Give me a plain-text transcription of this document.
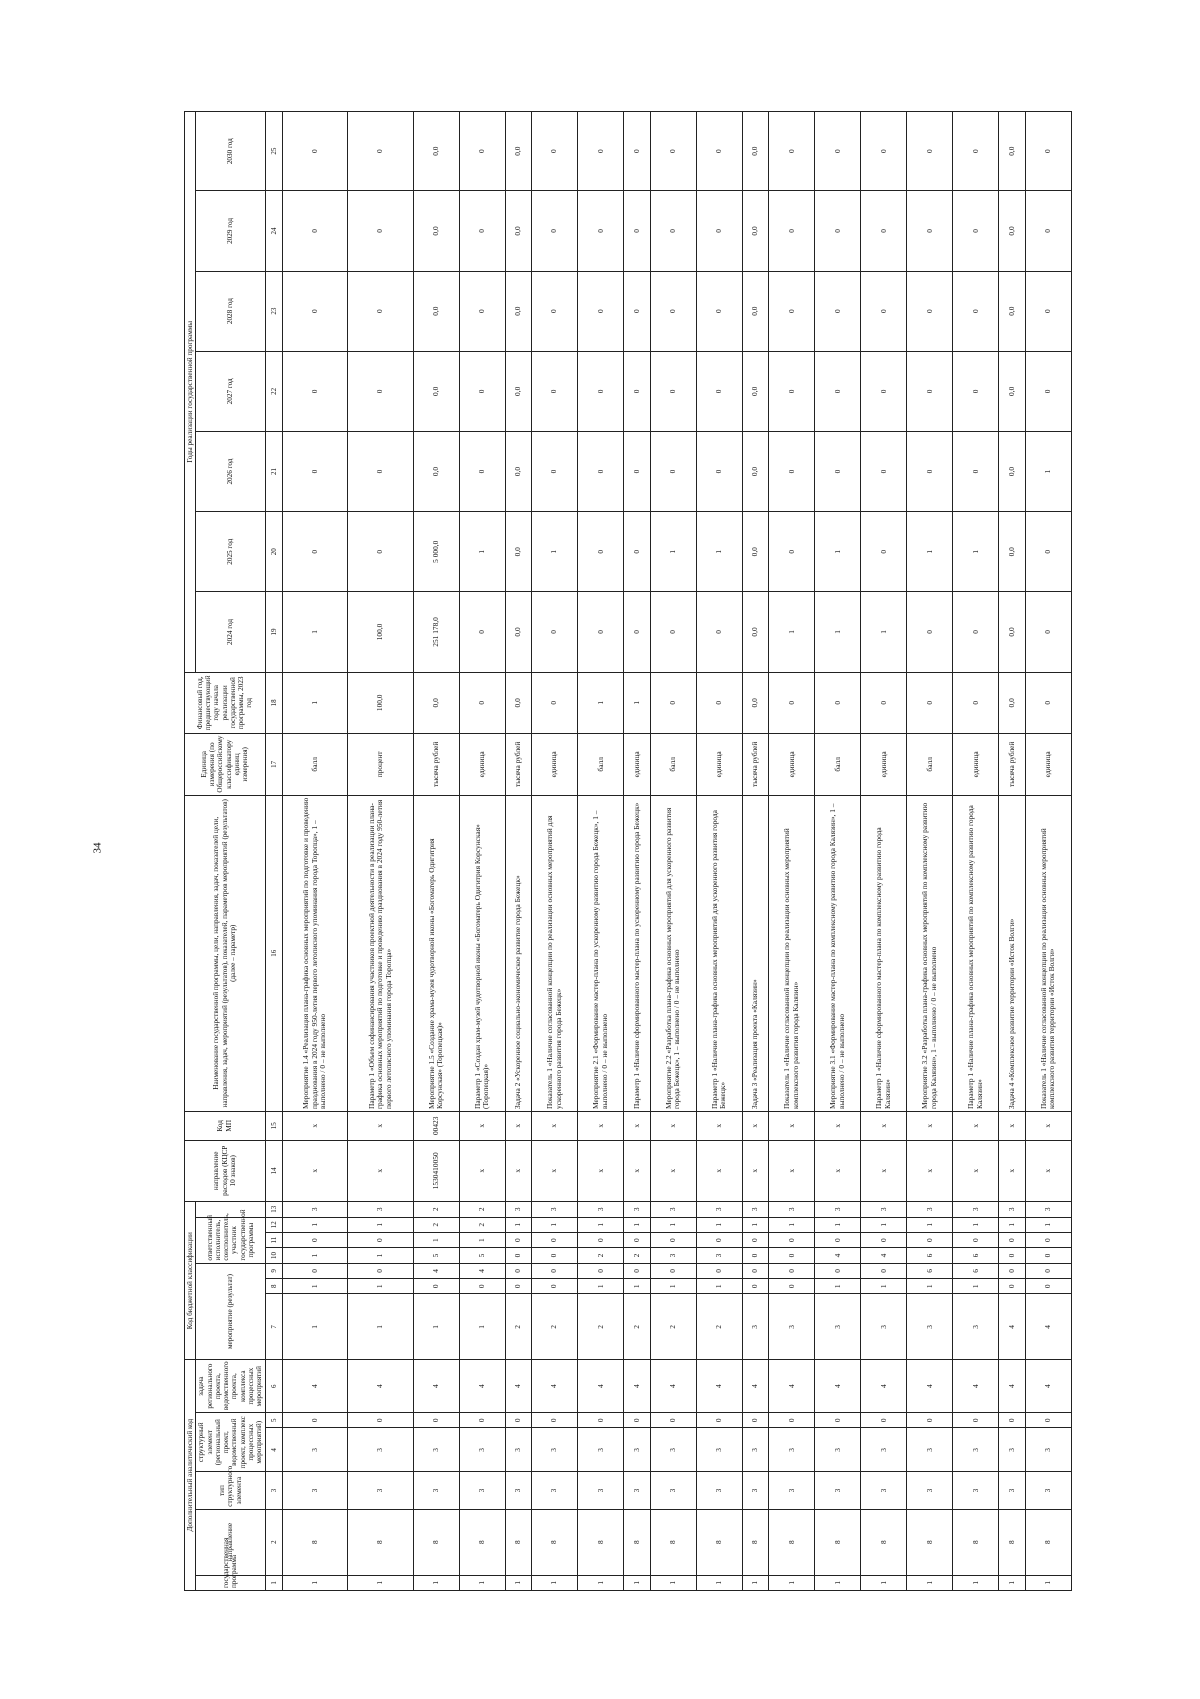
34
Дополнительный аналитический код						Код бюджетной классификации							направление расходов (КЦСР 10 знаков)	Код МП	Наименование государственной программы, цели, направления, задач, показателей цели, направления, задач, мероприятий (результатов), показателей, параметров мероприятий (результатов) (далее – параметр)	Единица измерения (по Общероссийскому классификатору единиц измерения)	Финансовый год, предшествующий году начала реализации государственной программы, 2023 год	Годы реализации государственной программы						
государственная программа	направление	тип структурного элемента	структурный элемент (региональный проект, ведомственный проект, комплекс процессных мероприятий)		задача регионального проекта, ведомственного проекта, комплекса процессных мероприятий	мероприятие (результат)			ответственный исполнитель, соисполнитель, участник государственной программы									2024 год	2025 год	2026 год	2027 год	2028 год	2029 год	2030 год
1	2	3	4	5	6	7	8	9	10	11	12	13	14	15	16	17	18	19	20	21	22	23	24	25
1	8	3	3	0	4	1	1	0	1	0	1	3	x	x	Мероприятие 1.4 «Реализация плана-графика основных мероприятий по подготовке и проведению празднования в 2024 году 950-летия первого летописного упоминания города Торопца», 1 – выполнено / 0 – не выполнено	балл	1	1	0	0	0	0	0	0
1	8	3	3	0	4	1	1	0	1	0	1	3	x	x	Параметр 1 «Объем софинансирования участников проектной деятельности в реализации плана-графика основных мероприятий по подготовке и проведению празднования в 2024 году 950-летия первого летописного упоминания города Торопца»	процент	100,0	100,0	0	0	0	0	0	0
1	8	3	3	0	4	1	0	4	5	1	2	2	1530410050	00423	Мероприятие 1.5 «Создание храма-музея чудотворной иконы «Богоматерь Одигитрия Корсунская» (Торопецкая)»	тысяча рублей	0,0	251 178,0	5 000,0	0,0	0,0	0,0	0,0	0,0
1	8	3	3	0	4	1	0	4	5	1	2	2	x	x	Параметр 1 «Создан храм-музей чудотворной иконы «Богоматерь Одигитрия Корсунская» (Торопецкая)»	единица	0	0	1	0	0	0	0	0
1	8	3	3	0	4	2	0	0	0	0	1	3	x	x	Задача 2 «Ускоренное социально-экономическое развитие города Бежецк»	тысяча рублей	0,0	0,0	0,0	0,0	0,0	0,0	0,0	0,0
1	8	3	3	0	4	2	0	0	0	0	1	3	x	x	Показатель 1 «Наличие согласованной концепции по реализации основных мероприятий для ускоренного развития города Бежецк»	единица	0	0	1	0	0	0	0	0
1	8	3	3	0	4	2	1	0	2	0	1	3	x	x	Мероприятие 2.1 «Формирование мастер-плана по ускоренному развитию города Бежецк», 1 – выполнено / 0 – не выполнено	балл	1	0	0	0	0	0	0	0
1	8	3	3	0	4	2	1	0	2	0	1	3	x	x	Параметр 1 «Наличие сформированного мастер-плана по ускоренному развитию города Бежецк»	единица	1	0	0	0	0	0	0	0
1	8	3	3	0	4	2	1	0	3	0	1	3	x	x	Мероприятие 2.2 «Разработка плана-графика основных мероприятий для ускоренного развития города Бежецк», 1 – выполнено / 0 – не выполнено	балл	0	0	1	0	0	0	0	0
1	8	3	3	0	4	2	1	0	3	0	1	3	x	x	Параметр 1 «Наличие плана-графика основных мероприятий для ускоренного развития города Бежецк»	единица	0	0	1	0	0	0	0	0
1	8	3	3	0	4	3	0	0	0	0	1	3	x	x	Задача 3 «Реализация проекта «Калязин»	тысяча рублей	0,0	0,0	0,0	0,0	0,0	0,0	0,0	0,0
1	8	3	3	0	4	3	0	0	0	0	1	3	x	x	Показатель 1 «Наличие согласованной концепции по реализации основных мероприятий комплексного развития города Калязин»	единица	0	1	0	0	0	0	0	0
1	8	3	3	0	4	3	1	0	4	0	1	3	x	x	Мероприятие 3.1 «Формирование мастер-плана по комплексному развитию города Калязин», 1 – выполнено / 0 – не выполнено	балл	0	1	1	0	0	0	0	0
1	8	3	3	0	4	3	1	0	4	0	1	3	x	x	Параметр 1 «Наличие сформированного мастер-плана по комплексному развитию города Калязин»	единица	0	1	0	0	0	0	0	0
1	8	3	3	0	4	3	1	6	6	0	1	3	x	x	Мероприятие 3.2 «Разработка плана-графика основных мероприятий по комплексному развитию города Калязин», 1 – выполнено / 0 – не выполнено	балл	0	0	1	0	0	0	0	0
1	8	3	3	0	4	3	1	6	6	0	1	3	x	x	Параметр 1 «Наличие плана-графика основных мероприятий по комплексному развитию города Калязин»	единица	0	0	1	0	0	0	0	0
1	8	3	3	0	4	4	0	0	0	0	1	3	x	x	Задача 4 «Комплексное развитие территории «Исток Волги»	тысяча рублей	0,0	0,0	0,0	0,0	0,0	0,0	0,0	0,0
1	8	3	3	0	4	4	0	0	0	0	1	3	x	x	Показатель 1 «Наличие согласованной концепции по реализации основных мероприятий комплексного развития территории «Исток Волги»	единица	0	0	0	1	0	0	0	0
